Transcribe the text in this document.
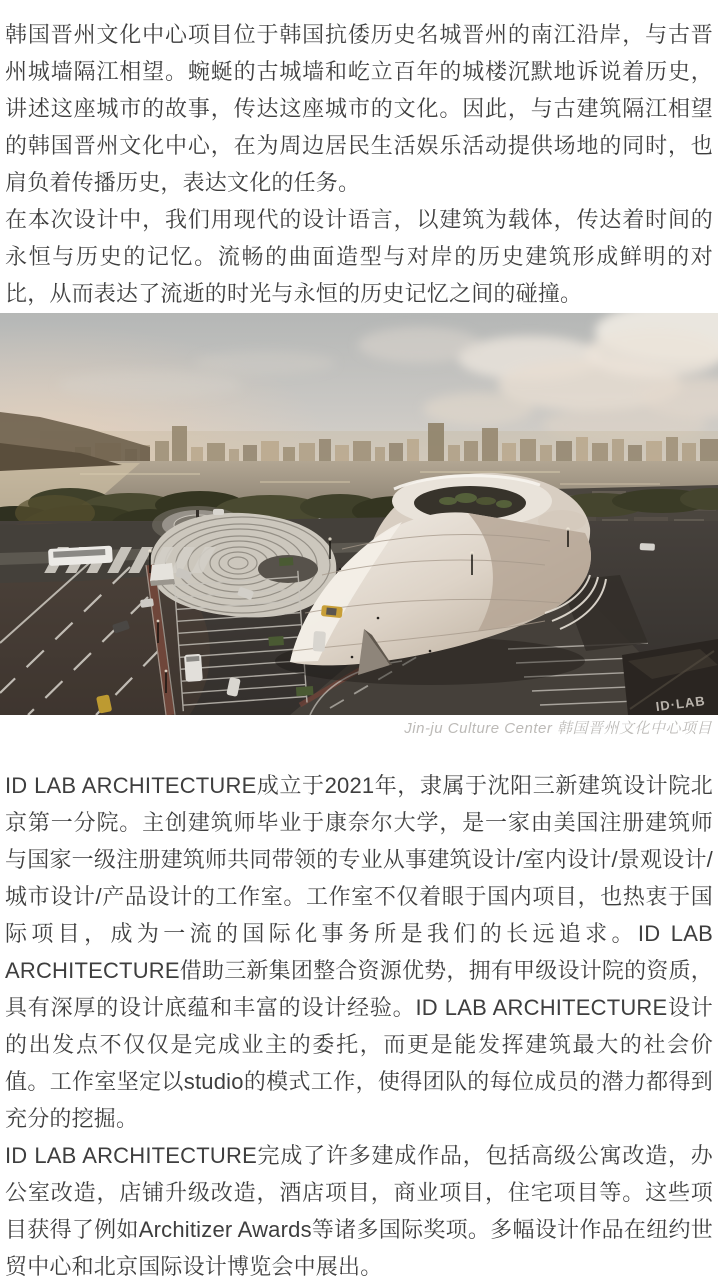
韩国晋州文化中心项目位于韩国抗倭历史名城晋州的南江沿岸，与古晋州城墙隔江相望。蜿蜒的古城墙和屹立百年的城楼沉默地诉说着历史，讲述这座城市的故事，传达这座城市的文化。因此，与古建筑隔江相望的韩国晋州文化中心，在为周边居民生活娱乐活动提供场地的同时，也肩负着传播历史，表达文化的任务。

在本次设计中，我们用现代的设计语言，以建筑为载体，传达着时间的永恒与历史的记忆。流畅的曲面造型与对岸的历史建筑形成鲜明的对比，从而表达了流逝的时光与永恒的历史记忆之间的碰撞。

ID·LAB
Jin-ju Culture Center 韩国晋州文化中心项目

ID LAB ARCHITECTURE成立于2021年，隶属于沈阳三新建筑设计院北京第一分院。主创建筑师毕业于康奈尔大学，是一家由美国注册建筑师与国家一级注册建筑师共同带领的专业从事建筑设计/室内设计/景观设计/城市设计/产品设计的工作室。工作室不仅着眼于国内项目，也热衷于国际项目，成为一流的国际化事务所是我们的长远追求。ID LAB ARCHITECTURE借助三新集团整合资源优势，拥有甲级设计院的资质，具有深厚的设计底蕴和丰富的设计经验。ID LAB ARCHITECTURE设计的出发点不仅仅是完成业主的委托，而更是能发挥建筑最大的社会价值。工作室坚定以studio的模式工作，使得团队的每位成员的潜力都得到充分的挖掘。

ID LAB ARCHITECTURE完成了许多建成作品，包括高级公寓改造，办公室改造，店铺升级改造，酒店项目，商业项目，住宅项目等。这些项目获得了例如Architizer Awards等诸多国际奖项。多幅设计作品在纽约世贸中心和北京国际设计博览会中展出。
